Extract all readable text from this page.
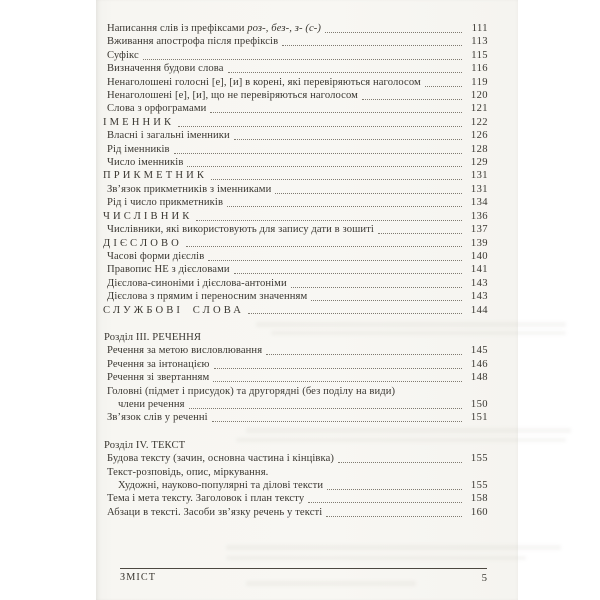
Написання слів із префіксами роз-, без-, з- (с-)	111
Вживання апострофа після префіксів	113
Суфікс	115
Визначення будови слова	116
Ненаголошені голосні [е], [и] в корені, які перевіряються наголосом	119
Ненаголошені [е], [и], що не перевіряються наголосом	120
Слова з орфограмами	121
ІМЕННИК	122
Власні і загальні іменники	126
Рід іменників	128
Число іменників	129
ПРИКМЕТНИК	131
Зв’язок прикметників з іменниками	131
Рід і число прикметників	134
ЧИСЛІВНИК	136
Числівники, які використовують для запису дати в зошиті	137
ДІЄСЛОВО	139
Часові форми дієслів	140
Правопис НЕ з дієсловами	141
Дієслова-синоніми і дієслова-антоніми	143
Дієслова з прямим і переносним значенням	143
СЛУЖБОВІ СЛОВА	144
Розділ III. РЕЧЕННЯ
Речення за метою висловлювання	145
Речення за інтонацією	146
Речення зі звертанням	148
Головні (підмет і присудок) та другорядні (без поділу на види)
члени речення	150
Зв’язок слів у реченні	151
Розділ IV. ТЕКСТ
Будова тексту (зачин, основна частина і кінцівка)	155
Текст-розповідь, опис, міркування.
Художні, науково-популярні та ділові тексти	155
Тема і мета тексту. Заголовок і план тексту	158
Абзаци в тексті. Засоби зв’язку речень у тексті	160
ЗМІСТ	5
